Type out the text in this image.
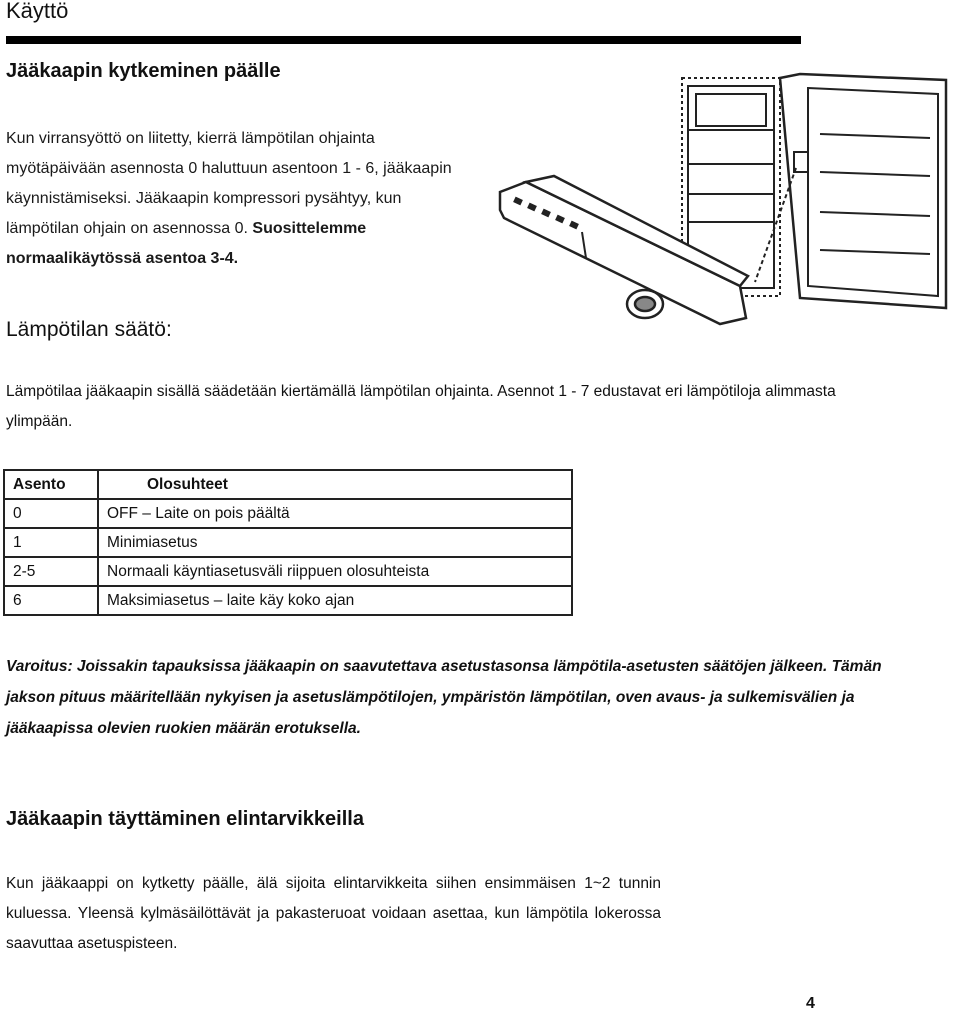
Käyttö
Jääkaapin kytkeminen päälle
Kun virransyöttö on liitetty, kierrä lämpötilan ohjainta myötäpäivään asennosta 0 haluttuun asentoon 1 - 6, jääkaapin käynnistämiseksi. Jääkaapin kompressori pysähtyy, kun lämpötilan ohjain on asennossa 0. Suosittelemme normaalikäytössä asentoa 3-4.
Lämpötilan säätö:
Lämpötilaa jääkaapin sisällä säädetään kiertämällä lämpötilan ohjainta. Asennot 1 - 7 edustavat eri lämpötiloja alimmasta ylimpään.
Asento	Olosuhteet
0	OFF – Laite on pois päältä
1	Minimiasetus
2-5	Normaali käyntiasetusväli riippuen olosuhteista
6	Maksimiasetus – laite käy koko ajan
Varoitus: Joissakin tapauksissa jääkaapin on saavutettava asetustasonsa lämpötila-asetusten säätöjen jälkeen. Tämän jakson pituus määritellään nykyisen ja asetuslämpötilojen, ympäristön lämpötilan, oven avaus- ja sulkemisvälien ja jääkaapissa olevien ruokien määrän erotuksella.
Jääkaapin täyttäminen elintarvikkeilla
Kun jääkaappi on kytketty päälle, älä sijoita elintarvikkeita siihen ensimmäisen 1~2 tunnin kuluessa. Yleensä kylmäsäilöttävät ja pakasteruoat voidaan asettaa, kun lämpötila lokerossa saavuttaa asetuspisteen.
4
